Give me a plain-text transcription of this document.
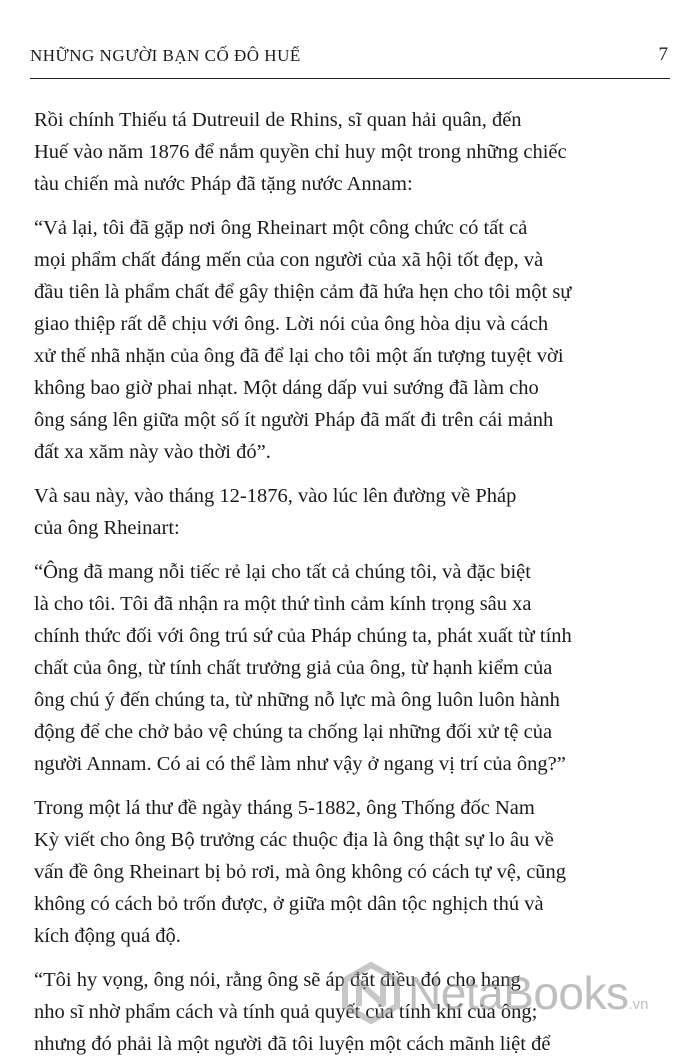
NHỮNG NGƯỜI BẠN CỐ ĐÔ HUẾ	7
Rồi chính Thiếu tá Dutreuil de Rhins, sĩ quan hải quân, đến
Huế vào năm 1876 để nắm quyền chỉ huy một trong những chiếc
tàu chiến mà nước Pháp đã tặng nước Annam:
“Vả lại, tôi đã gặp nơi ông Rheinart một công chức có tất cả
mọi phẩm chất đáng mến của con người của xã hội tốt đẹp, và
đầu tiên là phẩm chất để gây thiện cảm đã hứa hẹn cho tôi một sự
giao thiệp rất dễ chịu với ông. Lời nói của ông hòa dịu và cách
xử thế nhã nhặn của ông đã để lại cho tôi một ấn tượng tuyệt vời
không bao giờ phai nhạt. Một dáng dấp vui sướng đã làm cho
ông sáng lên giữa một số ít người Pháp đã mất đi trên cái mảnh
đất xa xăm này vào thời đó”.
Và sau này, vào tháng 12-1876, vào lúc lên đường về Pháp
của ông Rheinart:
“Ông đã mang nỗi tiếc rẻ lại cho tất cả chúng tôi, và đặc biệt
là cho tôi. Tôi đã nhận ra một thứ tình cảm kính trọng sâu xa
chính thức đối với ông trú sứ của Pháp chúng ta, phát xuất từ tính
chất của ông, từ tính chất trưởng giả của ông, từ hạnh kiểm của
ông chú ý đến chúng ta, từ những nỗ lực mà ông luôn luôn hành
động để che chở bảo vệ chúng ta chống lại những đối xử tệ của
người Annam. Có ai có thể làm như vậy ở ngang vị trí của ông?”
Trong một lá thư đề ngày tháng 5-1882, ông Thống đốc Nam
Kỳ viết cho ông Bộ trưởng các thuộc địa là ông thật sự lo âu về
vấn đề ông Rheinart bị bỏ rơi, mà ông không có cách tự vệ, cũng
không có cách bỏ trốn được, ở giữa một dân tộc nghịch thú và
kích động quá độ.
“Tôi hy vọng, ông nói, rằng ông sẽ áp đặt điều đó cho hạng
nho sĩ nhờ phẩm cách và tính quả quyết của tính khí của ông;
nhưng đó phải là một người đã tôi luyện một cách mãnh liệt để
NetaBooks.vn
